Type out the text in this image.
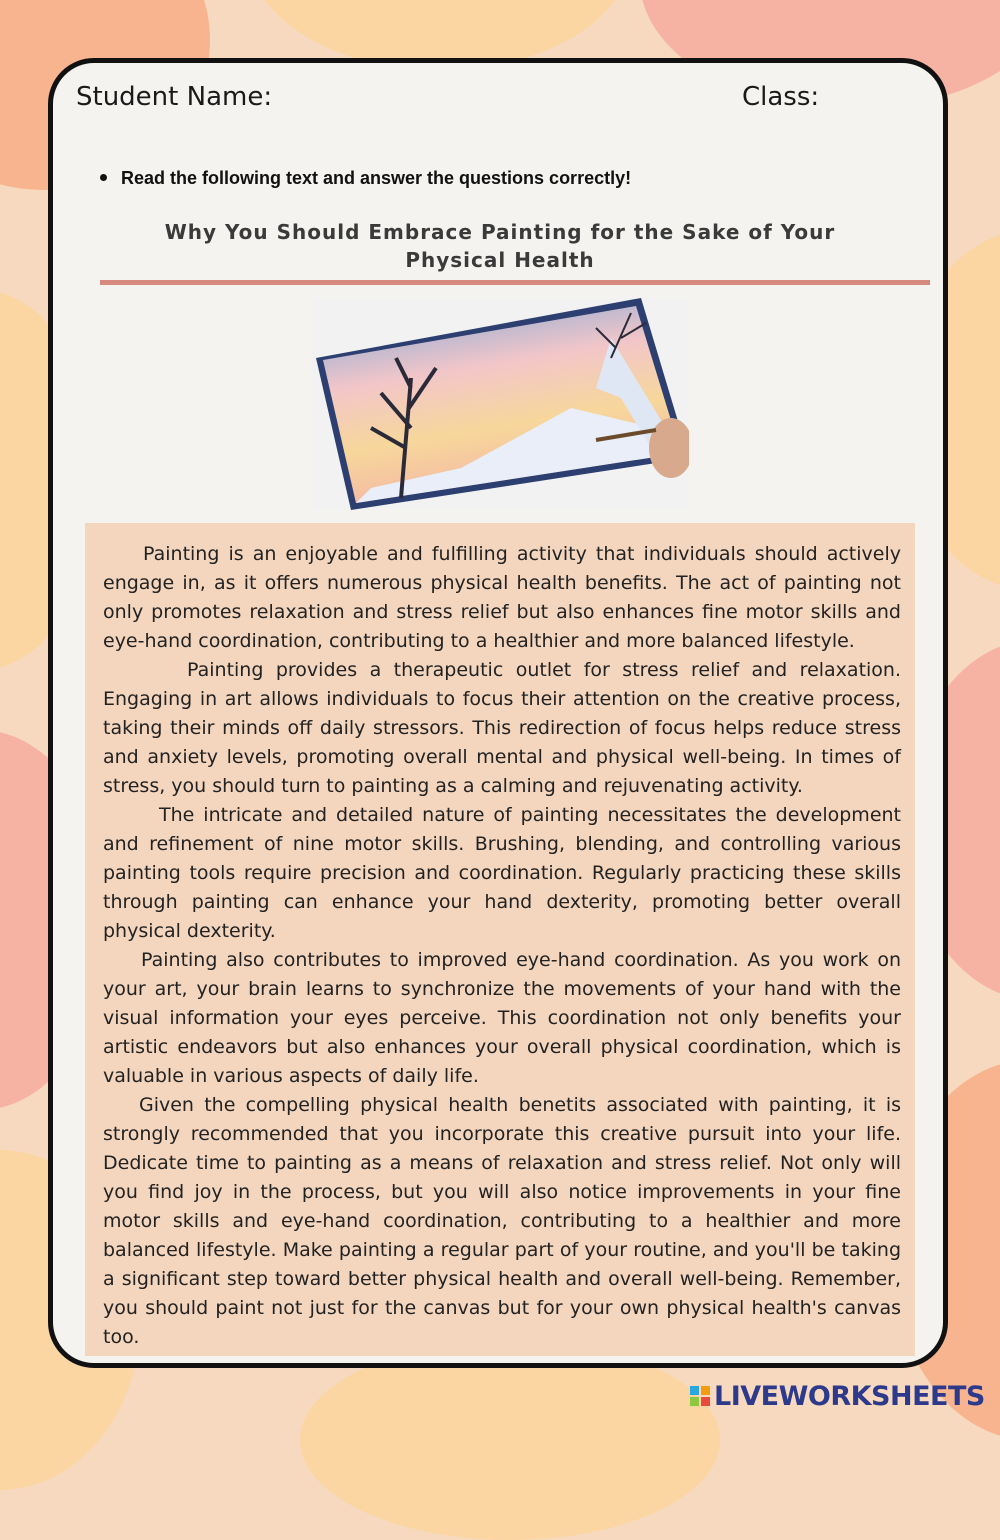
Student Name:	Class:
Read the following text and answer the questions correctly!
Why You Should Embrace Painting for the Sake of Your Physical Health

Painting is an enjoyable and fulfilling activity that individuals should actively engage in, as it offers numerous physical health benefits. The act of painting not only promotes relaxation and stress relief but also enhances fine motor skills and eye-hand coordination, contributing to a healthier and more balanced lifestyle.

Painting provides a therapeutic outlet for stress relief and relaxation. Engaging in art allows individuals to focus their attention on the creative process, taking their minds off daily stressors. This redirection of focus helps reduce stress and anxiety levels, promoting overall mental and physical well-being. In times of stress, you should turn to painting as a calming and rejuvenating activity.

The intricate and detailed nature of painting necessitates the development and refinement of nine motor skills. Brushing, blending, and controlling various painting tools require precision and coordination. Regularly practicing these skills through painting can enhance your hand dexterity, promoting better overall physical dexterity.

Painting also contributes to improved eye-hand coordination. As you work on your art, your brain learns to synchronize the movements of your hand with the visual information your eyes perceive. This coordination not only benefits your artistic endeavors but also enhances your overall physical coordination, which is valuable in various aspects of daily life.

Given the compelling physical health benetits associated with painting, it is strongly recommended that you incorporate this creative pursuit into your life. Dedicate time to painting as a means of relaxation and stress relief. Not only will you find joy in the process, but you will also notice improvements in your fine motor skills and eye-hand coordination, contributing to a healthier and more balanced lifestyle. Make painting a regular part of your routine, and you'll be taking a significant step toward better physical health and overall well-being. Remember, you should paint not just for the canvas but for your own physical health's canvas too.

LIVEWORKSHEETS
